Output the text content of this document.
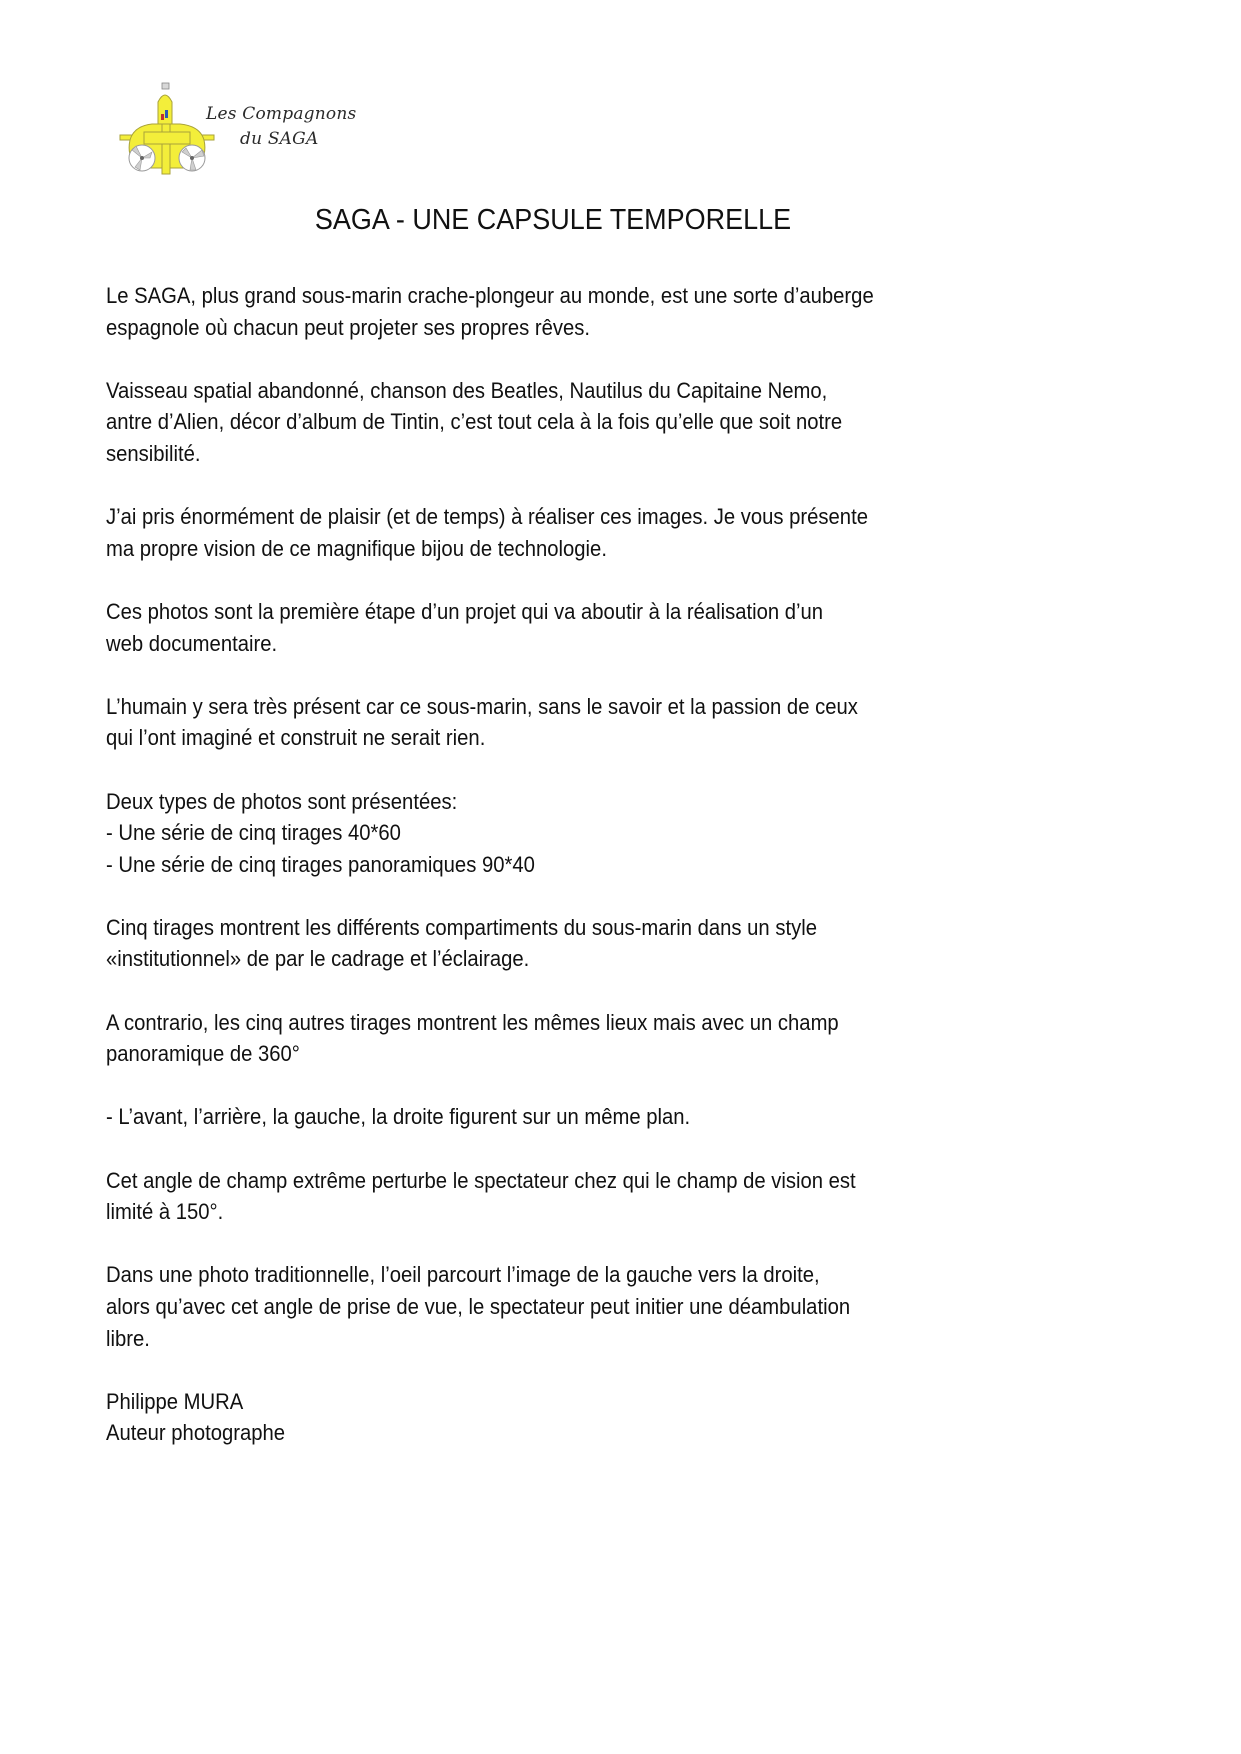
Les Compagnons
du SAGA
SAGA - UNE CAPSULE TEMPORELLE
Le SAGA, plus grand sous-marin crache-plongeur au monde, est une sorte d’auberge
espagnole où chacun peut projeter ses propres rêves.
Vaisseau spatial abandonné, chanson des Beatles, Nautilus du Capitaine Nemo,
antre d’Alien, décor d’album de Tintin, c’est tout cela à la fois qu’elle que soit notre
sensibilité.
J’ai pris énormément de plaisir (et de temps) à réaliser ces images. Je vous présente
ma propre vision de ce magnifique bijou de technologie.
Ces photos sont la première étape d’un projet qui va aboutir à la réalisation d’un
web documentaire.
L’humain y sera très présent car ce sous-marin, sans le savoir et la passion de ceux
qui l’ont imaginé et construit ne serait rien.
Deux types de photos sont présentées:
- Une série de cinq tirages 40*60
- Une série de cinq tirages panoramiques 90*40
Cinq tirages montrent les différents compartiments du sous-marin dans un style
«institutionnel» de par le cadrage et l’éclairage.
A contrario, les cinq autres tirages montrent les mêmes lieux mais avec un champ
panoramique de 360°
- L’avant, l’arrière, la gauche, la droite figurent sur un même plan.
Cet angle de champ extrême perturbe le spectateur chez qui le champ de vision est
limité à 150°.
Dans une photo traditionnelle, l’oeil parcourt l’image de la gauche vers la droite,
alors qu’avec cet angle de prise de vue, le spectateur peut initier une déambulation
libre.
Philippe MURA
Auteur photographe
